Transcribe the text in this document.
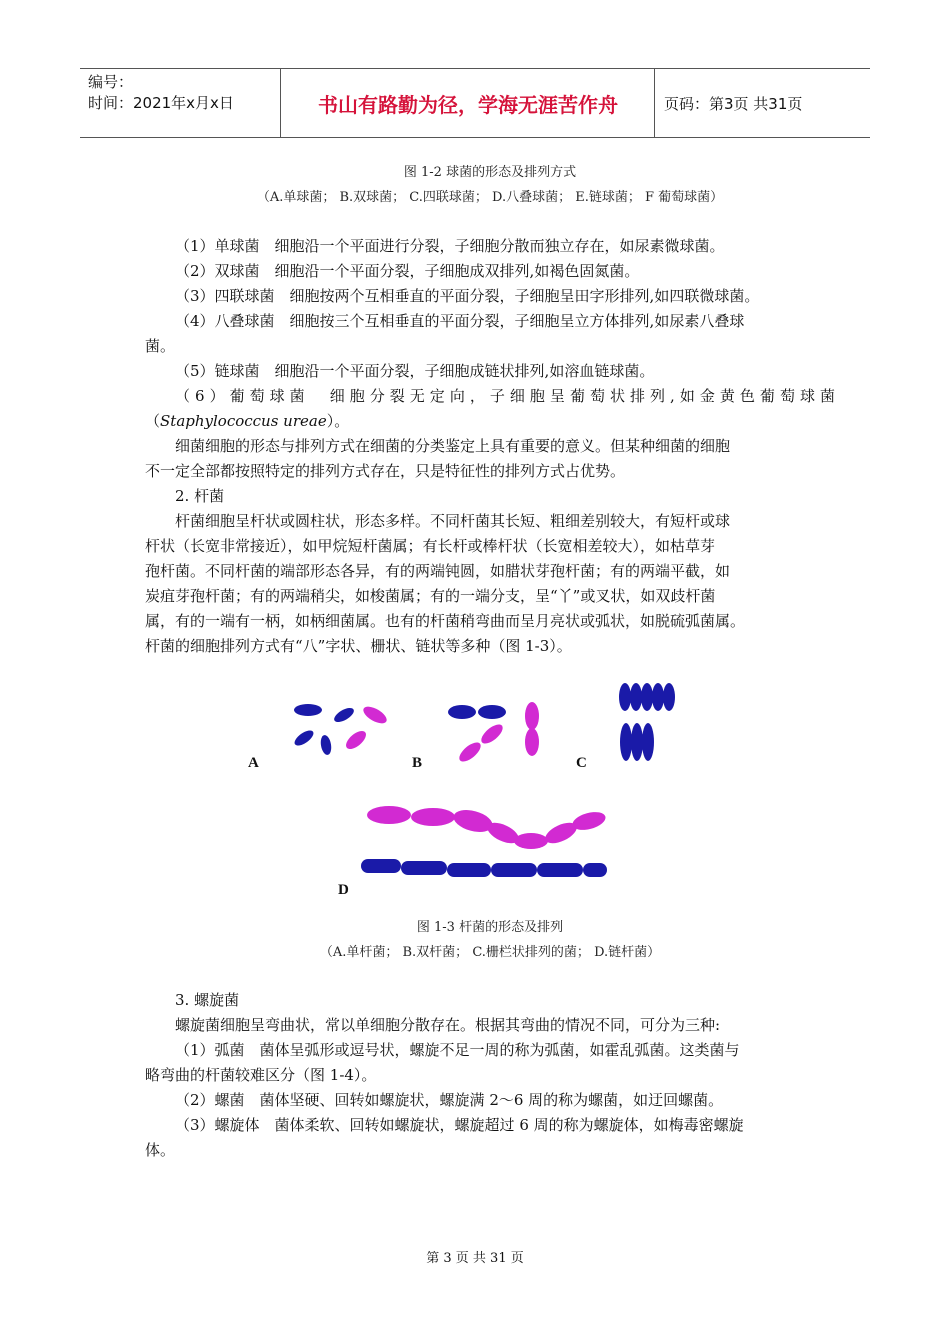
编号：
时间：2021年x月x日	书山有路勤为径，学海无涯苦作舟	页码：第3页 共31页
图 1-2 球菌的形态及排列方式
（A.单球菌； B.双球菌； C.四联球菌； D.八叠球菌； E.链球菌； F 葡萄球菌）

（1）单球菌　细胞沿一个平面进行分裂，子细胞分散而独立存在，如尿素微球菌。

（2）双球菌　细胞沿一个平面分裂，子细胞成双排列,如褐色固氮菌。

（3）四联球菌　细胞按两个互相垂直的平面分裂，子细胞呈田字形排列,如四联微球菌。

（4）八叠球菌　细胞按三个互相垂直的平面分裂，子细胞呈立方体排列,如尿素八叠球

菌。

（5）链球菌　细胞沿一个平面分裂，子细胞成链状排列,如溶血链球菌。

（6）葡萄球菌　细胞分裂无定向，子细胞呈葡萄状排列,如金黄色葡萄球菌

（Staphylococcus ureae）。

细菌细胞的形态与排列方式在细菌的分类鉴定上具有重要的意义。但某种细菌的细胞

不一定全部都按照特定的排列方式存在，只是特征性的排列方式占优势。

2. 杆菌

杆菌细胞呈杆状或圆柱状，形态多样。不同杆菌其长短、粗细差别较大，有短杆或球

杆状（长宽非常接近），如甲烷短杆菌属；有长杆或棒杆状（长宽相差较大），如枯草芽

孢杆菌。不同杆菌的端部形态各异，有的两端钝圆，如腊状芽孢杆菌；有的两端平截，如

炭疽芽孢杆菌；有的两端稍尖，如梭菌属；有的一端分支，呈“丫”或叉状，如双歧杆菌

属，有的一端有一柄，如柄细菌属。也有的杆菌稍弯曲而呈月亮状或弧状，如脱硫弧菌属。

杆菌的细胞排列方式有“八”字状、栅状、链状等多种（图 1-3）。

A	B	C
D
图 1-3 杆菌的形态及排列
（A.单杆菌； B.双杆菌； C.栅栏状排列的菌； D.链杆菌）

3. 螺旋菌

螺旋菌细胞呈弯曲状，常以单细胞分散存在。根据其弯曲的情况不同，可分为三种:

（1）弧菌　菌体呈弧形或逗号状，螺旋不足一周的称为弧菌，如霍乱弧菌。这类菌与

略弯曲的杆菌较难区分（图 1-4）。

（2）螺菌　菌体坚硬、回转如螺旋状，螺旋满 2～6 周的称为螺菌，如迂回螺菌。

（3）螺旋体　菌体柔软、回转如螺旋状，螺旋超过 6 周的称为螺旋体，如梅毒密螺旋

体。

第 3 页 共 31 页
